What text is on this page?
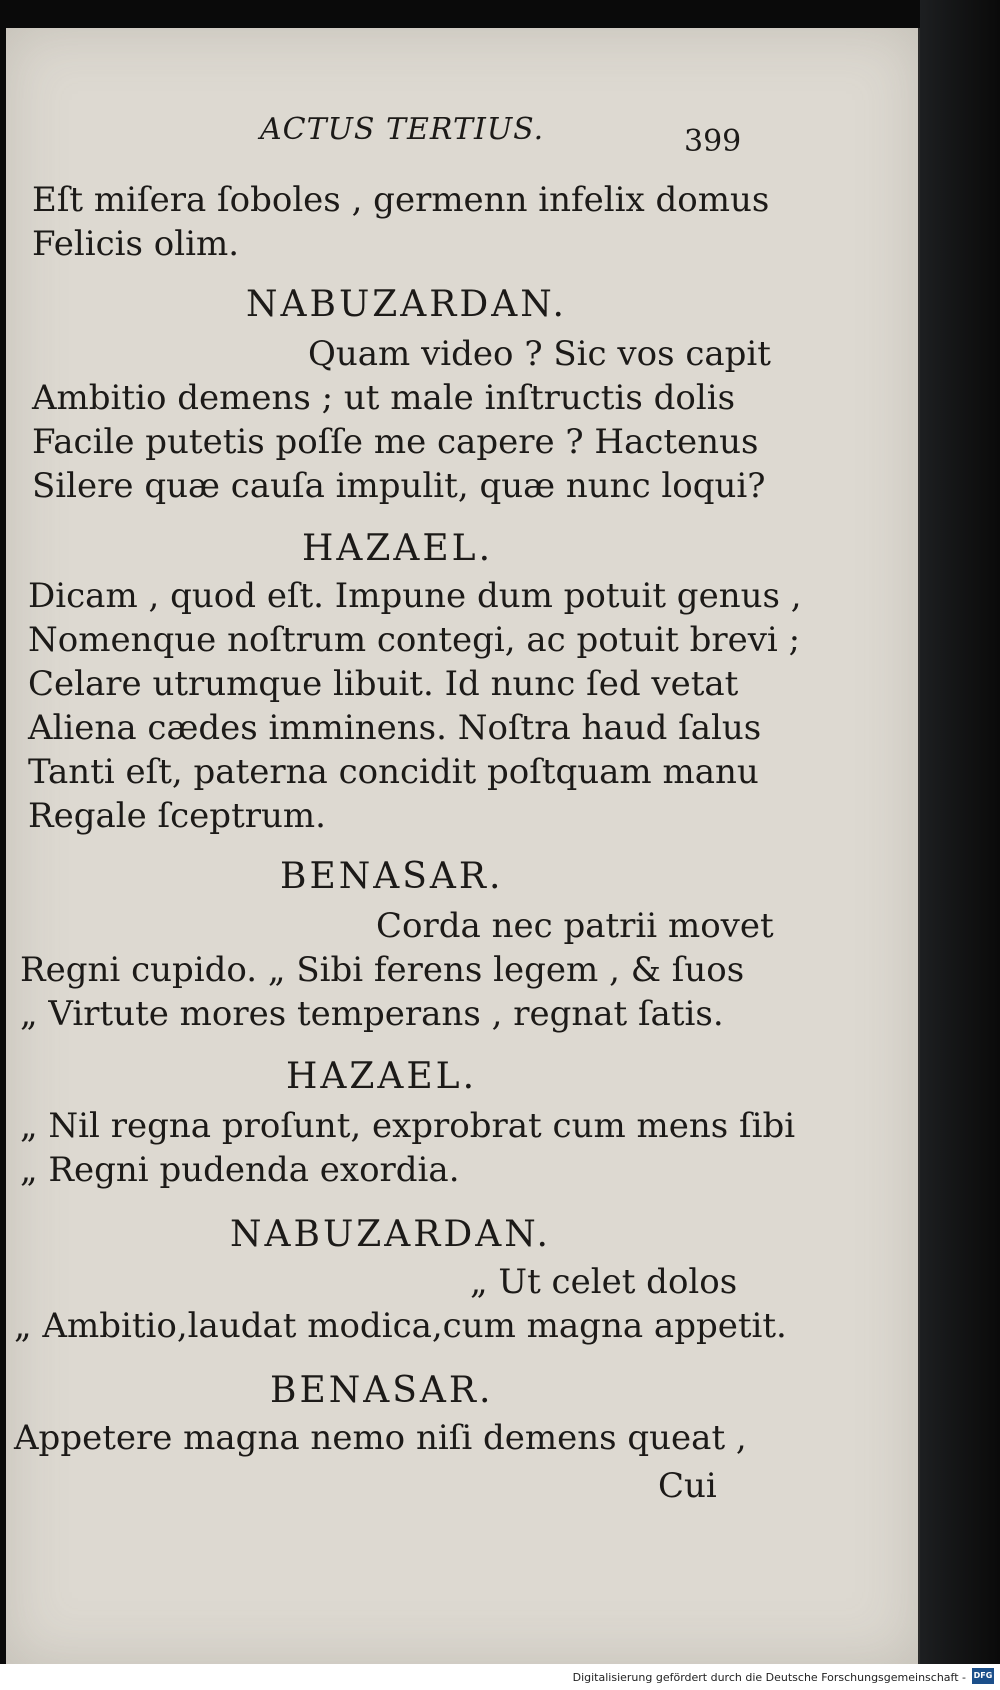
ACTUS TERTIUS.	399

Eſt miſera ſoboles , germenn infelix domus

Felicis olim.

NABUZARDAN.

Quam video ? Sic vos capit

Ambitio demens ; ut male inſtructis dolis

Facile putetis poſſe me capere ? Hactenus

Silere quæ cauſa impulit, quæ nunc loqui?

HAZAEL.

Dicam , quod eſt. Impune dum potuit genus ,

Nomenque noſtrum contegi, ac potuit brevi ;

Celare utrumque libuit. Id nunc ſed vetat

Aliena cædes imminens. Noſtra haud ſalus

Tanti eſt, paterna concidit poſtquam manu

Regale ſceptrum.

BENASAR.

Corda nec patrii movet

Regni cupido. „ Sibi ferens legem , & ſuos

„ Virtute mores temperans , regnat ſatis.

HAZAEL.

„ Nil regna proſunt, exprobrat cum mens ſibi

„ Regni pudenda exordia.

NABUZARDAN.

„ Ut celet dolos

„ Ambitio,laudat modica,cum magna appetit.

BENASAR.

Appetere magna nemo niſi demens queat ,

Cui

Digitalisierung gefördert durch die Deutsche Forschungsgemeinschaft - DFG
